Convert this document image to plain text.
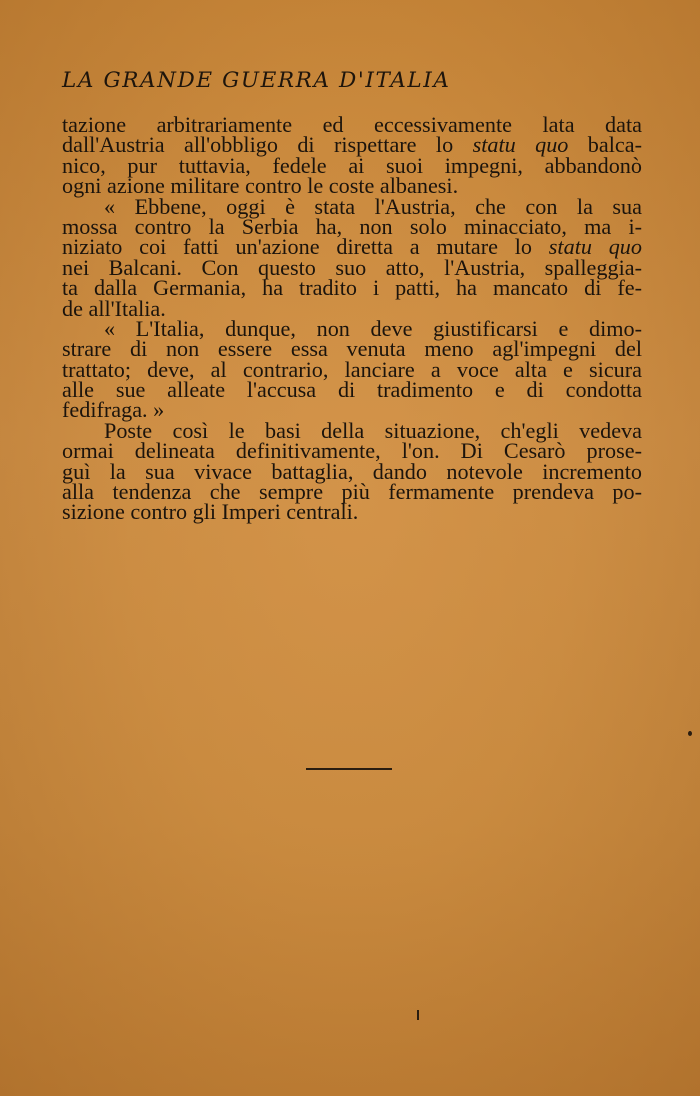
LA GRANDE GUERRA D'ITALIA
tazione arbitrariamente ed eccessivamente lata data
dall'Austria all'obbligo di rispettare lo statu quo balca-
nico, pur tuttavia, fedele ai suoi impegni, abbandonò
ogni azione militare contro le coste albanesi.
« Ebbene, oggi è stata l'Austria, che con la sua
mossa contro la Serbia ha, non solo minacciato, ma i-
niziato coi fatti un'azione diretta a mutare lo statu quo
nei Balcani. Con questo suo atto, l'Austria, spalleggia-
ta dalla Germania, ha tradito i patti, ha mancato di fe-
de all'Italia.
« L'Italia, dunque, non deve giustificarsi e dimo-
strare di non essere essa venuta meno agl'impegni del
trattato; deve, al contrario, lanciare a voce alta e sicura
alle sue alleate l'accusa di tradimento e di condotta
fedifraga. »
Poste così le basi della situazione, ch'egli vedeva
ormai delineata definitivamente, l'on. Di Cesarò prose-
guì la sua vivace battaglia, dando notevole incremento
alla tendenza che sempre più fermamente prendeva po-
sizione contro gli Imperi centrali.
